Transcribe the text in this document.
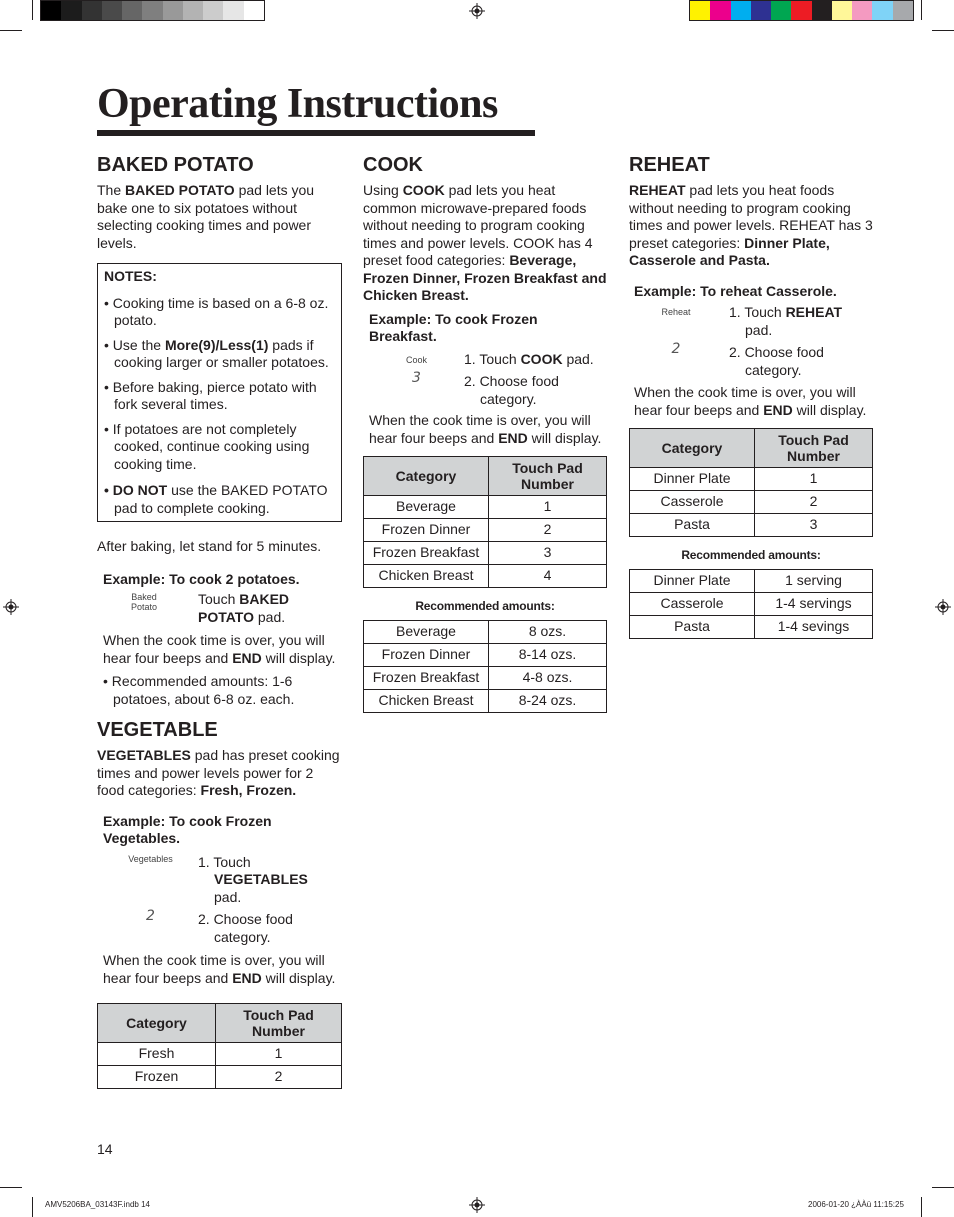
Operating Instructions
BAKED POTATO

The BAKED POTATO pad lets you bake one to six potatoes without selecting cooking times and power levels.

NOTES:

• Cooking time is based on a 6-8 oz. potato.
• Use the More(9)/Less(1) pads if cooking larger or smaller potatoes.
• Before baking, pierce potato with fork several times.
• If potatoes are not completely cooked, continue cooking using cooking time.
• DO NOT use the BAKED POTATO pad to complete cooking.

After baking, let stand for 5 minutes.

Example: To cook 2 potatoes.

Baked
Potato	Touch BAKED POTATO pad.

When the cook time is over, you will hear four beeps and END will display.

• Recommended amounts: 1-6 potatoes, about 6-8 oz. each.

VEGETABLE

VEGETABLES pad has preset cooking times and power levels power for 2 food categories: Fresh, Frozen.

Example: To cook Frozen Vegetables.

Vegetables	1. Touch
VEGETABLES
pad.
2	2. Choose food category.

When the cook time is over, you will hear four beeps and END will display.

Category	Touch Pad Number
Fresh	1
Frozen	2
COOK

Using COOK pad lets you heat common microwave-prepared foods without needing to program cooking times and power levels. COOK has 4 preset food categories: Beverage, Frozen Dinner, Frozen Breakfast and Chicken Breast.

Example: To cook Frozen Breakfast.

Cook	1. Touch COOK pad.
3	2. Choose food category.

When the cook time is over, you will hear four beeps and END will display.

Category	Touch Pad Number
Beverage	1
Frozen Dinner	2
Frozen Breakfast	3
Chicken Breast	4

Recommended amounts:

Beverage	8 ozs.
Frozen Dinner	8-14 ozs.
Frozen Breakfast	4-8 ozs.
Chicken Breast	8-24 ozs.
REHEAT

REHEAT pad lets you heat foods without needing to program cooking times and power levels. REHEAT has 3 preset categories: Dinner Plate, Casserole and Pasta.

Example: To reheat Casserole.

Reheat	1. Touch REHEAT
pad.
2	2. Choose food category.

When the cook time is over, you will hear four beeps and END will display.

Category	Touch Pad Number
Dinner Plate	1
Casserole	2
Pasta	3

Recommended amounts:

Dinner Plate	1 serving
Casserole	1-4 servings
Pasta	1-4 sevings
14
AMV5206BA_03143F.indb 14	2006-01-20 ¿ÀÀü 11:15:25
